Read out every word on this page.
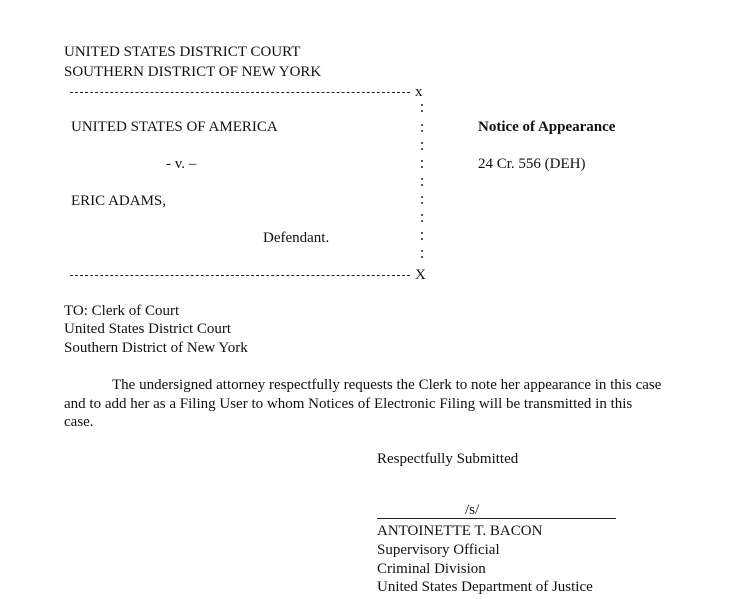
UNITED STATES DISTRICT COURT
SOUTHERN DISTRICT OF NEW YORK
x
UNITED STATES OF AMERICA
- v. –
ERIC ADAMS,
Defendant.
X
Notice of Appearance
24 Cr. 556 (DEH)
TO: Clerk of Court
United States District Court
Southern District of New York
The undersigned attorney respectfully requests the Clerk to note her appearance in this case
and to add her as a Filing User to whom Notices of Electronic Filing will be transmitted in this
case.
Respectfully Submitted
/s/
ANTOINETTE T. BACON
Supervisory Official
Criminal Division
United States Department of Justice
